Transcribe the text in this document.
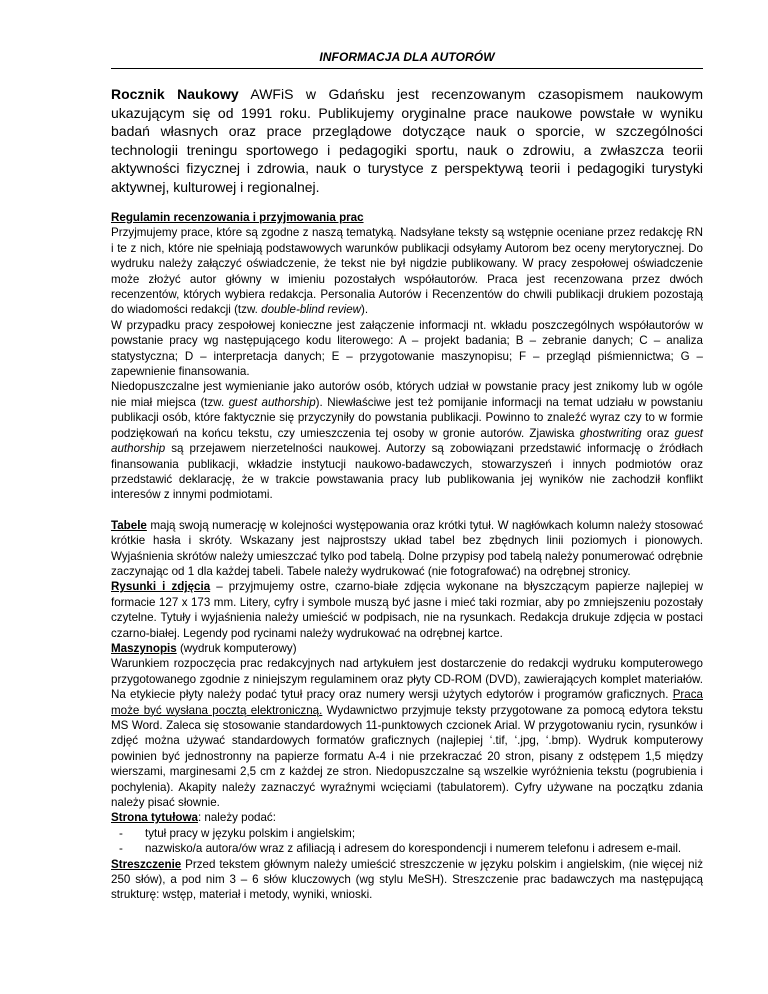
INFORMACJA DLA AUTORÓW

Rocznik Naukowy AWFiS w Gdańsku jest recenzowanym czasopismem naukowym ukazującym się od 1991 roku. Publikujemy oryginalne prace naukowe powstałe w wyniku badań własnych oraz prace przeglądowe dotyczące nauk o sporcie, w szczególności technologii treningu sportowego i pedagogiki sportu, nauk o zdrowiu, a zwłaszcza teorii aktywności fizycznej i zdrowia, nauk o turystyce z perspektywą teorii i pedagogiki turystyki aktywnej, kulturowej i regionalnej.

Regulamin recenzowania i przyjmowania prac
Przyjmujemy prace, które są zgodne z naszą tematyką. Nadsyłane teksty są wstępnie oceniane przez redakcję RN i te z nich, które nie spełniają podstawowych warunków publikacji odsyłamy Autorom bez oceny merytorycznej. Do wydruku należy załączyć oświadczenie, że tekst nie był nigdzie publikowany. W pracy zespołowej oświadczenie może złożyć autor główny w imieniu pozostałych współautorów. Praca jest recenzowana przez dwóch recenzentów, których wybiera redakcja. Personalia Autorów i Recenzentów do chwili publikacji drukiem pozostają do wiadomości redakcji (tzw. double-blind review).
W przypadku pracy zespołowej konieczne jest załączenie informacji nt. wkładu poszczególnych współautorów w powstanie pracy wg następującego kodu literowego: A – projekt badania; B – zebranie danych; C – analiza statystyczna; D – interpretacja danych; E – przygotowanie maszynopisu; F – przegląd piśmiennictwa; G – zapewnienie finansowania.
Niedopuszczalne jest wymienianie jako autorów osób, których udział w powstanie pracy jest znikomy lub w ogóle nie miał miejsca (tzw. guest authorship). Niewłaściwe jest też pomijanie informacji na temat udziału w powstaniu publikacji osób, które faktycznie się przyczyniły do powstania publikacji. Powinno to znaleźć wyraz czy to w formie podziękowań na końcu tekstu, czy umieszczenia tej osoby w gronie autorów. Zjawiska ghostwriting oraz guest authorship są przejawem nierzetelności naukowej. Autorzy są zobowiązani przedstawić informację o źródłach finansowania publikacji, wkładzie instytucji naukowo-badawczych, stowarzyszeń i innych podmiotów oraz przedstawić deklarację, że w trakcie powstawania pracy lub publikowania jej wyników nie zachodził konflikt interesów z innymi podmiotami.
Tabele mają swoją numerację w kolejności występowania oraz krótki tytuł. W nagłówkach kolumn należy stosować krótkie hasła i skróty. Wskazany jest najprostszy układ tabel bez zbędnych linii poziomych i pionowych. Wyjaśnienia skrótów należy umieszczać tylko pod tabelą. Dolne przypisy pod tabelą należy ponumerować odrębnie zaczynając od 1 dla każdej tabeli. Tabele należy wydrukować (nie fotografować) na odrębnej stronicy.
Rysunki i zdjęcia – przyjmujemy ostre, czarno-białe zdjęcia wykonane na błyszczącym papierze najlepiej w formacie 127 x 173 mm. Litery, cyfry i symbole muszą być jasne i mieć taki rozmiar, aby po zmniejszeniu pozostały czytelne. Tytuły i wyjaśnienia należy umieścić w podpisach, nie na rysunkach. Redakcja drukuje zdjęcia w postaci czarno-białej. Legendy pod rycinami należy wydrukować na odrębnej kartce.
Maszynopis (wydruk komputerowy)
Warunkiem rozpoczęcia prac redakcyjnych nad artykułem jest dostarczenie do redakcji wydruku komputerowego przygotowanego zgodnie z niniejszym regulaminem oraz płyty CD-ROM (DVD), zawierających komplet materiałów. Na etykiecie płyty należy podać tytuł pracy oraz numery wersji użytych edytorów i programów graficznych. Praca może być wysłana pocztą elektroniczną. Wydawnictwo przyjmuje teksty przygotowane za pomocą edytora tekstu MS Word. Zaleca się stosowanie standardowych 11-punktowych czcionek Arial. W przygotowaniu rycin, rysunków i zdjęć można używać standardowych formatów graficznych (najlepiej ‘.tif, ‘.jpg, ‘.bmp). Wydruk komputerowy powinien być jednostronny na papierze formatu A-4 i nie przekraczać 20 stron, pisany z odstępem 1,5 między wierszami, marginesami 2,5 cm z każdej ze stron. Niedopuszczalne są wszelkie wyróżnienia tekstu (pogrubienia i pochylenia). Akapity należy zaznaczyć wyraźnymi wcięciami (tabulatorem). Cyfry używane na początku zdania należy pisać słownie.
Strona tytułowa: należy podać:
-	tytuł pracy w języku polskim i angielskim;
-	nazwisko/a autora/ów wraz z afiliacją i adresem do korespondencji i numerem telefonu i adresem e-mail.
Streszczenie Przed tekstem głównym należy umieścić streszczenie w języku polskim i angielskim, (nie więcej niż 250 słów), a pod nim 3 – 6 słów kluczowych (wg stylu MeSH). Streszczenie prac badawczych ma następującą strukturę: wstęp, materiał i metody, wyniki, wnioski.
